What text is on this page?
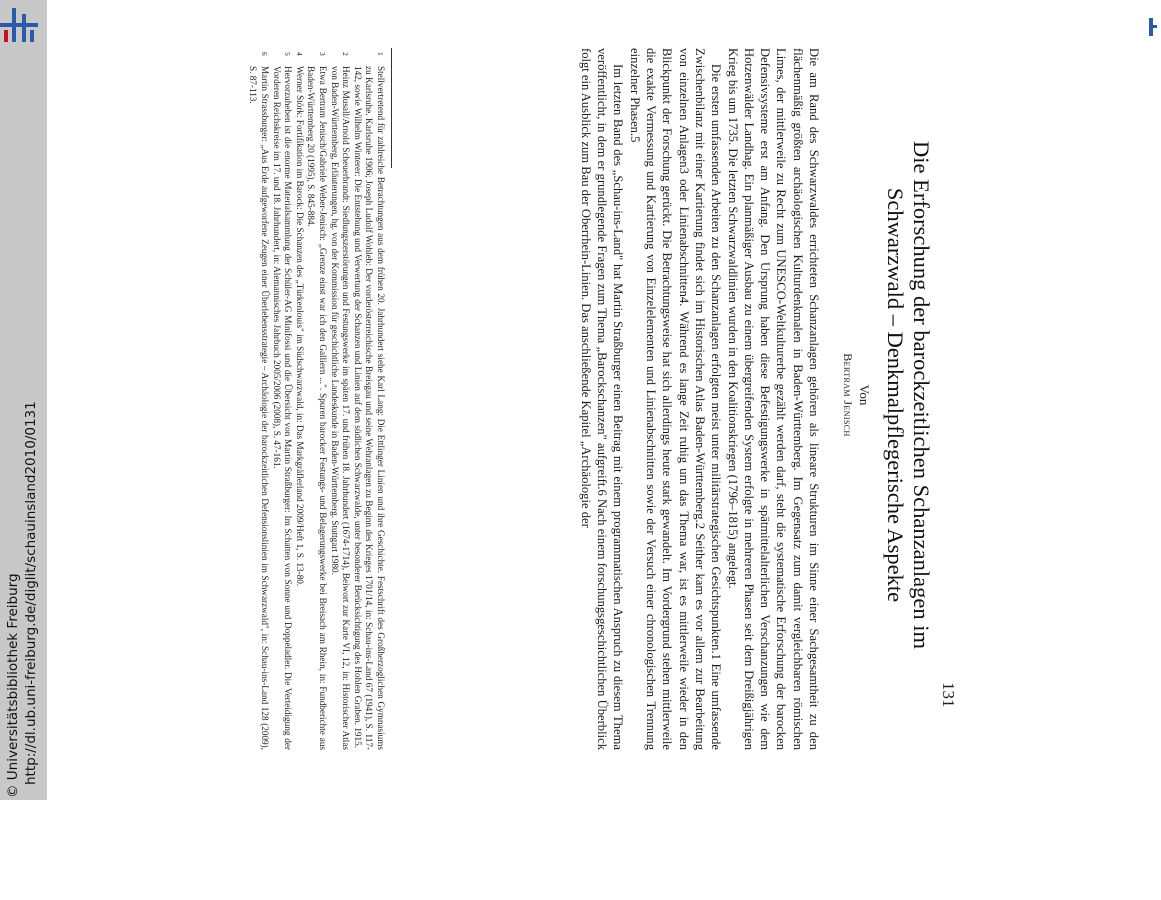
http://dl.ub.uni-freiburg.de/diglit/schauinsland2010/0131
© Universitätsbibliothek Freiburg	131
Die Erforschung der barockzeitlichen Schanzanlagen im
Schwarzwald – Denkmalpflegerische Aspekte
Von
Bertram Jenisch

Die am Rand des Schwarzwaldes errichteten Schanzanlagen gehören als lineare Strukturen im Sinne einer Sachgesamtheit zu den flächenmäßig größten archäologischen Kulturdenkmalen in Baden-Württemberg. Im Gegensatz zum damit vergleichbaren römischen Limes, der mittlerweile zu Recht zum UNESCO-Weltkulturerbe gezählt werden darf, steht die systematische Erforschung der barocken Defensivsysteme erst am Anfang. Den Ursprung haben diese Befestigungswerke in spätmittelalterlichen Verschanzungen wie dem Hotzenwälder Landhag. Ein planmäßiger Ausbau zu einem übergreifenden System erfolgte in mehreren Phasen seit dem Dreißigjährigen Krieg bis um 1735. Die letzten Schwarzwaldlinien wurden in den Koalitionskriegen (1796–1815) angelegt.

Die ersten umfassenden Arbeiten zu den Schanzanlagen erfolgten meist unter militärstrategischen Gesichtspunkten.1 Eine umfassende Zwischenbilanz mit einer Kartierung findet sich im Historischen Atlas Baden-Württemberg.2 Seither kam es vor allem zur Bearbeitung von einzelnen Anlagen3 oder Linienabschnitten4. Während es lange Zeit ruhig um das Thema war, ist es mittlerweile wieder in den Blickpunkt der Forschung gerückt. Die Betrachtungsweise hat sich allerdings heute stark gewandelt. Im Vordergrund stehen mittlerweile die exakte Vermessung und Kartierung von Einzelelementen und Linienabschnitten sowie der Versuch einer chronologischen Trennung einzelner Phasen.5

Im letzten Band des „Schau-ins-Land" hat Martin Straßburger einen Beitrag mit einem programmatischen Anspruch zu diesem Thema veröffentlicht, in dem er grundlegende Fragen zum Thema „Barockschanzen" aufgreift.6 Nach einem forschungsgeschichtlichen Überblick folgt ein Ausblick zum Bau der Oberrhein-Linien. Das anschließende Kapitel „Archäologie der

1
Stellvertretend für zahlreiche Betrachtungen aus dem frühen 20. Jahrhundert siehe Karl Lang: Die Ettlinger Linien und ihre Geschichte. Festschrift des Großherzoglichen Gymnasiums zu Karlsruhe. Karlsruhe 1906; Joseph Ludolf Wohleb: Der vorderösterreichische Breisgau und seine Wehranlagen zu Beginn des Krieges 1701/14, in: Schau-ins-Land 67 (1941), S. 117-142, sowie Wilhelm Winterer: Die Entstehung und Verwertung der Schanzen und Linien auf dem südlichen Schwarzwalde, unter besonderer Berücksichtigung des Hohlen Graben. 1915.
2
Heinz Musall/Arnold Scheuerbrandt: Siedlungszerstörungen und Festungswerke im späten 17. und frühen 18. Jahrhundert (1674-1714), Beiwort zur Karte VI, 12, in: Historischer Atlas von Baden-Württemberg, Erläuterungen, hg. von der Kommission für geschichtliche Landeskunde in Baden-Württemberg. Stuttgart 1980.
3
Etwa Bertram Jenisch/Gabriele Weber-Jenisch: „Grenze einst war ich den Galliern ...". Spuren barocker Festungs- und Belagerungswerke bei Breisach am Rhein, in: Fundberichte aus Baden-Württemberg 20 (1995), S. 845-884.
4
Werner Störk: Fortifikation im Barock: Die Schanzen des „Türkenlouis" im Südschwarzwald, in: Das Markgräflerland 2009/Heft 1, S. 13-80.
5
Hervorzuheben ist die enorme Materialsammlung der Schüler-AG Minifossi und die Übersicht von Martin Straßburger: Im Schatten von Sonne und Doppeladler. Die Verteidigung der Vorderen Reichskreise im 17. und 18. Jahrhundert, in: Alemannisches Jahrbuch 2005/2006 (2008), S. 47-161.
6
Martin Strassburger: „Aus Erde aufgeworfene Zeugen einer Überlebensstrategie – Archäologie der barockzeitlichen Defensionslinien im Schwarzwald", in: Schau-ins-Land 128 (2009), S. 87-113.
